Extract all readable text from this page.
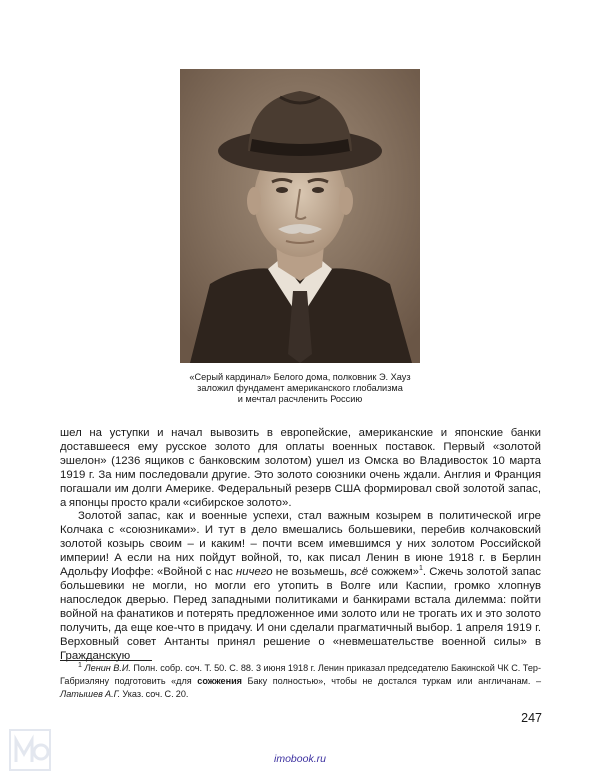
«Серый кардинал» Белого дома, полковник Э. Хауз
заложил фундамент американского глобализма
и мечтал расчленить Россию

шел на уступки и начал вывозить в европейские, американские и японские банки доставшееся ему русское золото для оплаты военных поставок. Первый «золотой эшелон» (1236 ящиков с банковским золотом) ушел из Омска во Владивосток 10 марта 1919 г. За ним последовали другие. Это золото союзники очень ждали. Англия и Франция погашали им долги Америке. Федеральный резерв США формировал свой золотой запас, а японцы просто крали «сибирское золото».

Золотой запас, как и военные успехи, стал важным козырем в политической игре Колчака с «союзниками». И тут в дело вмешались большевики, перебив колчаковский золотой козырь своим – и каким! – почти всем имевшимся у них золотом Российской империи! А если на них пойдут войной, то, как писал Ленин в июне 1918 г. в Берлин Адольфу Иоффе: «Войной с нас ничего не возьмешь, всё сожжем»$^1$. Сжечь золотой запас большевики не могли, но могли его утопить в Волге или Каспии, громко хлопнув напоследок дверью. Перед западными политиками и банкирами встала дилемма: пойти войной на фанатиков и потерять предложенное ими золото или не трогать их и это золото получить, да еще кое-что в придачу. И они сделали прагматичный выбор. 1 апреля 1919 г. Верховный совет Антанты принял решение о «невмешательстве военной силы» в Гражданскую

$^1$ Ленин В.И. Полн. собр. соч. Т. 50. С. 88. 3 июня 1918 г. Ленин приказал председателю Бакинской ЧК С. Тер-Габриэляну подготовить «для сожжения Баку полностью», чтобы не достался туркам или англичанам. – Латышев А.Г. Указ. соч. С. 20.
247
imobook.ru
